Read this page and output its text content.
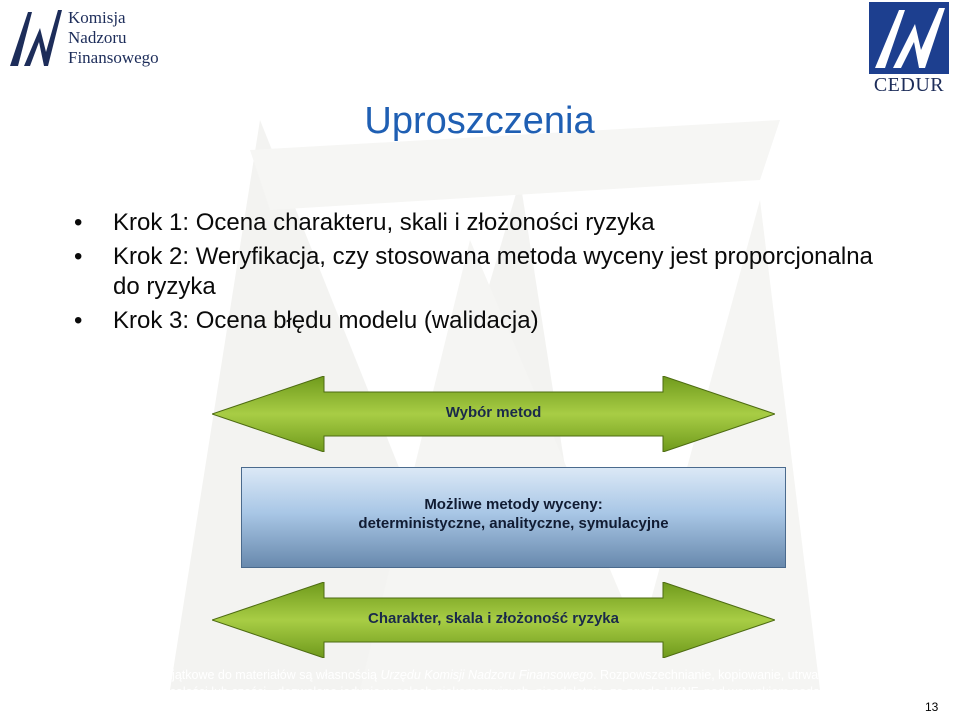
Komisja
Nadzoru
Finansowego
CEDUR
Uproszczenia
• Krok 1: Ocena charakteru, skali i złożoności ryzyka
• Krok 2: Weryfikacja, czy stosowana metoda wyceny jest proporcjonalna do ryzyka
• Krok 3: Ocena błędu modelu (walidacja)
Wybór metod
Możliwe metody wyceny:
deterministyczne, analityczne, symulacyjne
Charakter, skala i złożoność ryzyka
Autorskie prawa majątkowe do materiałów są własnością Urzędu Komisji Nadzoru Finansowego. Rozpowszechnianie, kopiowanie, utrwalanie, publiczne
wykorzystywanie całości lub części - dozwolone jedynie w celach niekomercyjnych, nieodpłatnie, za zgodą UKNF, pod warunkiem podania informacji
o pochodzeniu materiałów. Materiały szkoleniowe przygotowane w ramach projektu Centrum Edukacji dla Uczestników Rynku.	13
